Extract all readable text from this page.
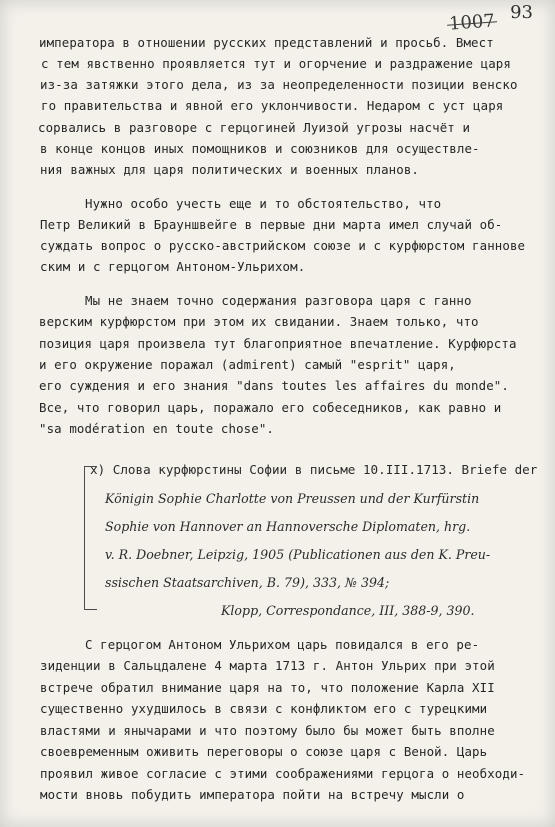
1007 93
императора в отношении русских представлений и просьб. Вмест
с тем явственно проявляется тут и огорчение и раздражение царя
из-за затяжки этого дела, из за неопределенности позиции венско
го правительства и явной его уклончивости. Недаром с уст царя
сорвались в разговоре с герцогиней Луизой угрозы насчёт и
в конце концов иных помощников и союзников для осуществле-
ния важных для царя политических и военных планов.
Нужно особо учесть еще и то обстоятельство, что
Петр Великий в Брауншвейге в первые дни марта имел случай об-
суждать вопрос о русско-австрийском союзе и с курфюрстом ганнове
ским и с герцогом Антоном-Ульрихом.
Мы не знаем точно содержания разговора царя с ганно
верским курфюрстом при этом их свидании. Знаем только, что
позиция царя произвела тут благоприятное впечатление. Курфюрста
и его окружение поражал (admirent) самый "esprit" царя,
его суждения и его знания "dans toutes les affaires du monde".
Все, что говорил царь, поражало его собеседников, как равно и
"sa modération en toute chose".
x) Слова курфюрстины Софии в письме 10.III.1713. Briefe der
Königin Sophie Charlotte von Preussen und der Kurfürstin
Sophie von Hannover an Hannoversche Diplomaten, hrg.
v. R. Doebner, Leipzig, 1905 (Publicationen aus den K. Preu-
ssischen Staatsarchiven, B. 79), 333, № 394;
Klopp, Correspondance, III, 388-9, 390.
С герцогом Антоном Ульрихом царь повидался в его ре-
зиденции в Сальцдалене 4 марта 1713 г. Антон Ульрих при этой
встрече обратил внимание царя на то, что положение Карла XII
существенно ухудшилось в связи с конфликтом его с турецкими
властями и янычарами и что поэтому было бы может быть вполне
своевременным оживить переговоры о союзе царя с Веной. Царь
проявил живое согласие с этими соображениями герцога о необходи-
мости вновь побудить императора пойти на встречу мысли о
